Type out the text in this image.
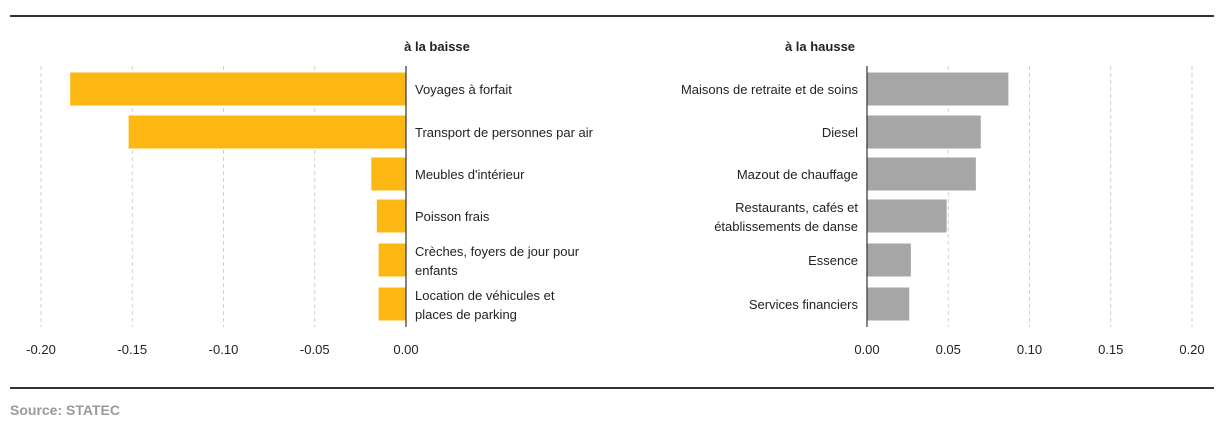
à la baisse
Voyages à forfait
Transport de personnes par air
Meubles d'intérieur
Poisson frais
Crèches, foyers de jour pour
enfants
Location de véhicules et
places de parking
-0.20	-0.15	-0.10	-0.05	0.00
à la hausse
Maisons de retraite et de soins
Diesel
Mazout de chauffage
Restaurants, cafés et
établissements de danse
Essence
Services financiers
0.00	0.05	0.10	0.15	0.20
Source: STATEC
